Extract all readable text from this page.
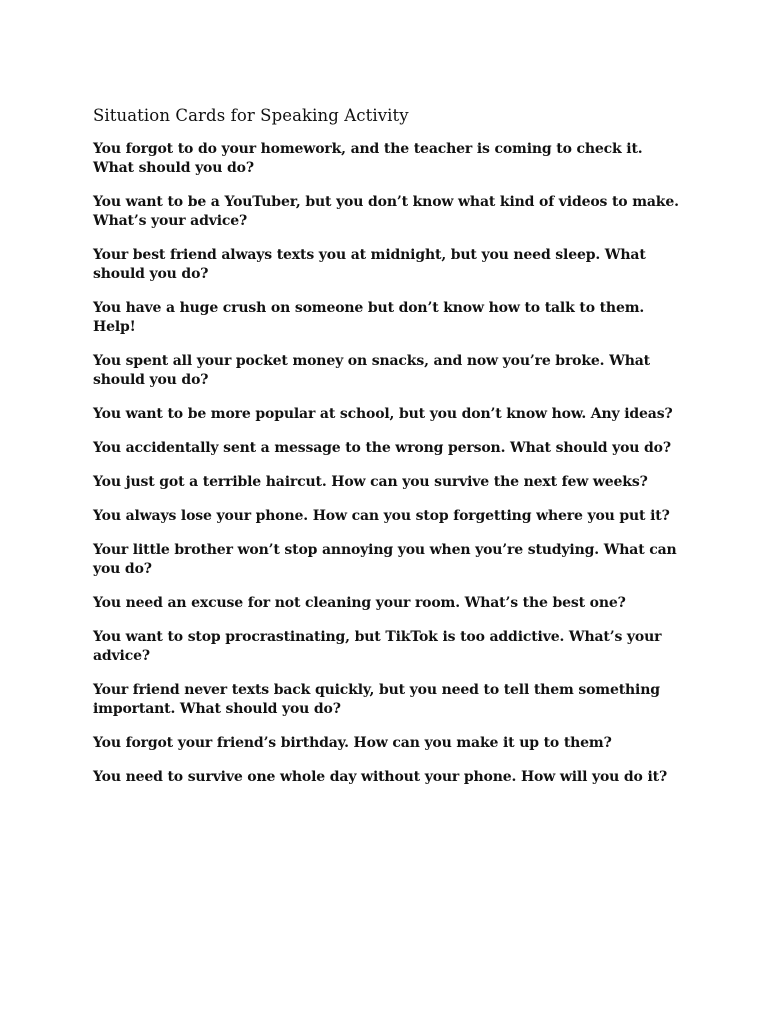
Situation Cards for Speaking Activity
You forgot to do your homework, and the teacher is coming to check it. What should you do?
You want to be a YouTuber, but you don’t know what kind of videos to make. What’s your advice?
Your best friend always texts you at midnight, but you need sleep. What should you do?
You have a huge crush on someone but don’t know how to talk to them. Help!
You spent all your pocket money on snacks, and now you’re broke. What should you do?
You want to be more popular at school, but you don’t know how. Any ideas?
You accidentally sent a message to the wrong person. What should you do?
You just got a terrible haircut. How can you survive the next few weeks?
You always lose your phone. How can you stop forgetting where you put it?
Your little brother won’t stop annoying you when you’re studying. What can you do?
You need an excuse for not cleaning your room. What’s the best one?
You want to stop procrastinating, but TikTok is too addictive. What’s your advice?
Your friend never texts back quickly, but you need to tell them something important. What should you do?
You forgot your friend’s birthday. How can you make it up to them?
You need to survive one whole day without your phone. How will you do it?
